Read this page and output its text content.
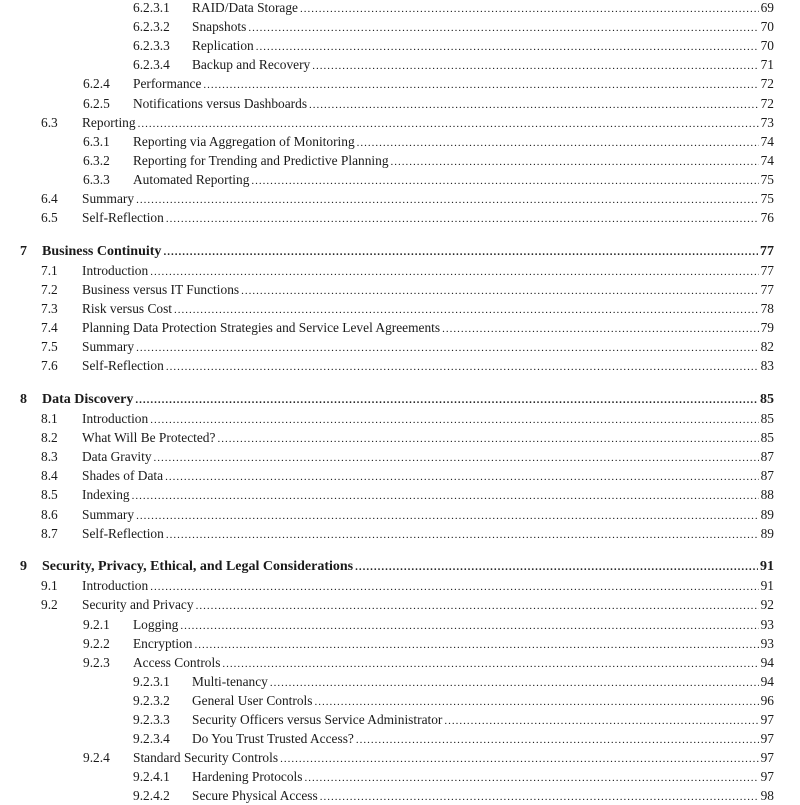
6.2.3.1	RAID/Data Storage .....	69
6.2.3.2	Snapshots .....	70
6.2.3.3	Replication .....	70
6.2.3.4	Backup and Recovery .....	71
6.2.4	Performance .....	72
6.2.5	Notifications versus Dashboards .....	72
6.3	Reporting .....	73
6.3.1	Reporting via Aggregation of Monitoring .....	74
6.3.2	Reporting for Trending and Predictive Planning .....	74
6.3.3	Automated Reporting .....	75
6.4	Summary .....	75
6.5	Self-Reflection .....	76
7	Business Continuity .....	77
7.1	Introduction .....	77
7.2	Business versus IT Functions .....	77
7.3	Risk versus Cost .....	78
7.4	Planning Data Protection Strategies and Service Level Agreements .....	79
7.5	Summary .....	82
7.6	Self-Reflection .....	83
8	Data Discovery .....	85
8.1	Introduction .....	85
8.2	What Will Be Protected? .....	85
8.3	Data Gravity .....	87
8.4	Shades of Data .....	87
8.5	Indexing .....	88
8.6	Summary .....	89
8.7	Self-Reflection .....	89
9	Security, Privacy, Ethical, and Legal Considerations .....	91
9.1	Introduction .....	91
9.2	Security and Privacy .....	92
9.2.1	Logging .....	93
9.2.2	Encryption .....	93
9.2.3	Access Controls .....	94
9.2.3.1	Multi-tenancy .....	94
9.2.3.2	General User Controls .....	96
9.2.3.3	Security Officers versus Service Administrator .....	97
9.2.3.4	Do You Trust Trusted Access? .....	97
9.2.4	Standard Security Controls .....	97
9.2.4.1	Hardening Protocols .....	97
9.2.4.2	Secure Physical Access .....	98
